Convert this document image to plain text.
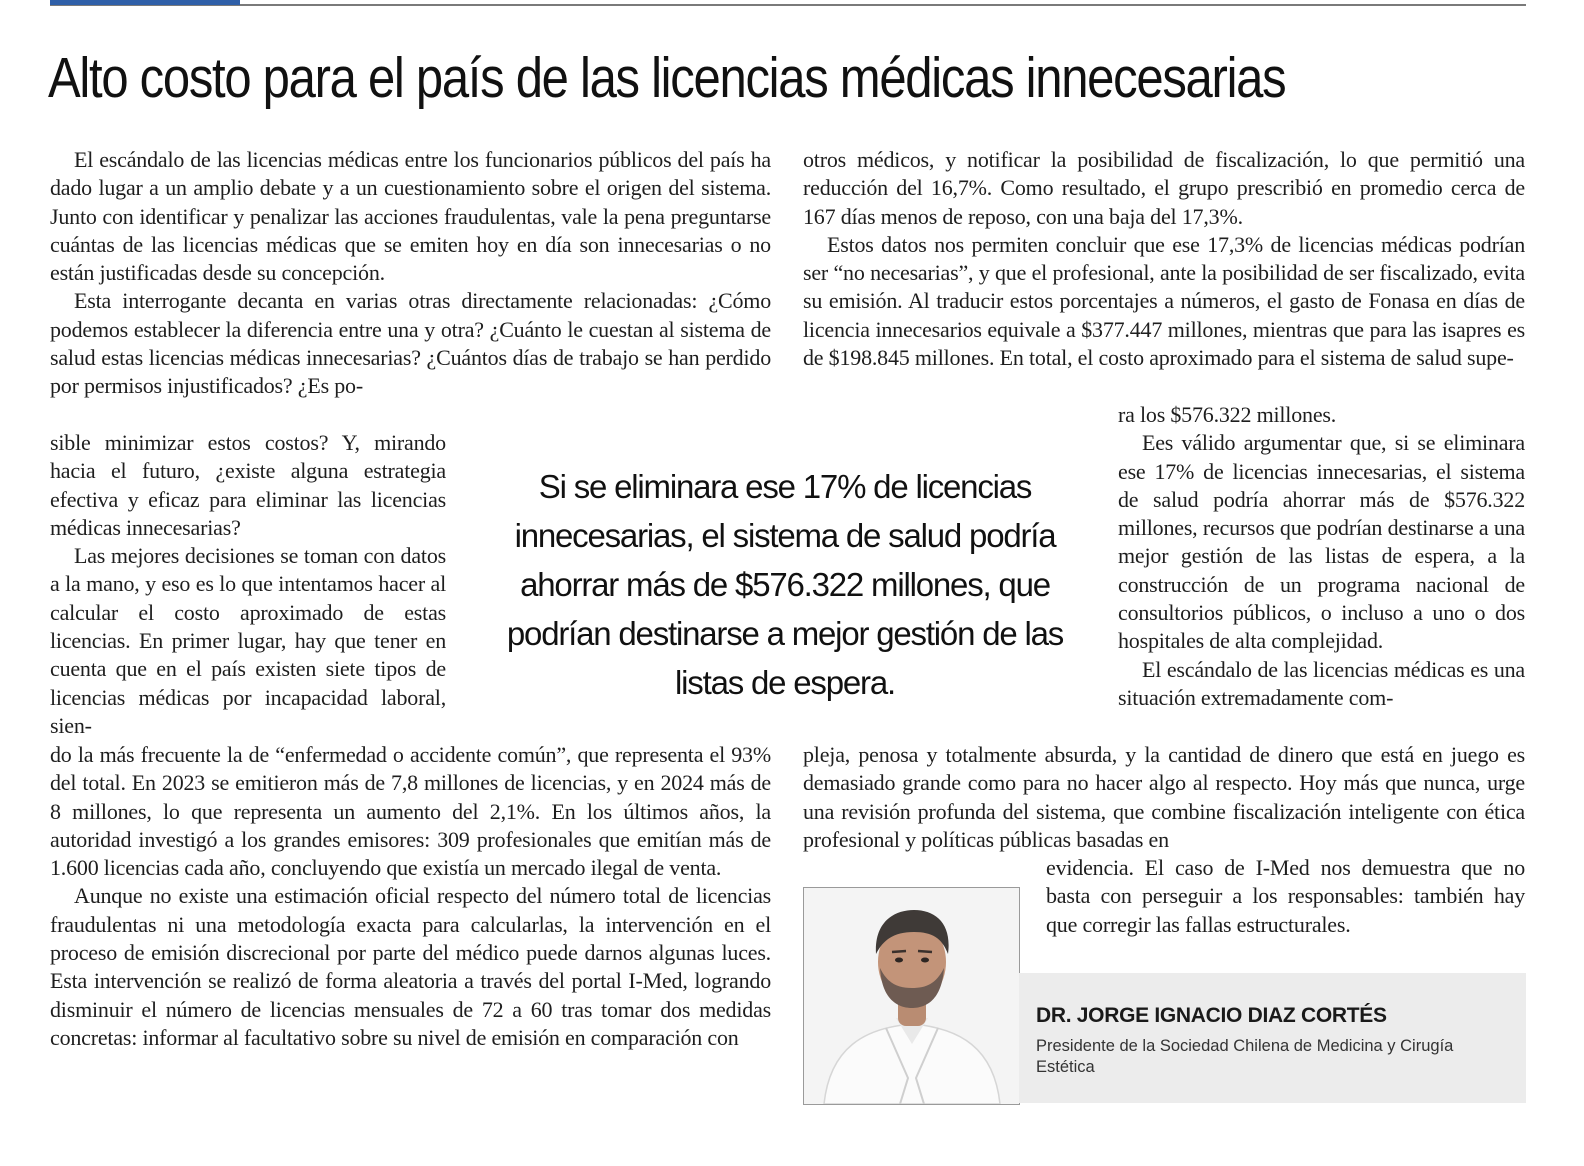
Alto costo para el país de las licencias médicas innecesarias

El escándalo de las licencias médicas entre los funcionarios públicos del país ha dado lugar a un amplio debate y a un cuestionamiento sobre el origen del sistema. Junto con identificar y penalizar las acciones fraudulentas, vale la pena preguntarse cuántas de las licencias médicas que se emiten hoy en día son innecesarias o no están justificadas desde su concepción.

Esta interrogante decanta en varias otras directamente relacionadas: ¿Cómo podemos establecer la diferencia entre una y otra? ¿Cuánto le cuestan al sistema de salud estas licencias médicas innecesarias? ¿Cuántos días de trabajo se han perdido por permisos injustificados? ¿Es po-

sible minimizar estos costos? Y, mirando hacia el futuro, ¿existe alguna estrategia efectiva y eficaz para eliminar las licencias médicas innecesarias?

Las mejores decisiones se toman con datos a la mano, y eso es lo que intentamos hacer al calcular el costo aproximado de estas licencias. En primer lugar, hay que tener en cuenta que en el país existen siete tipos de licencias médicas por incapacidad laboral, sien-

do la más frecuente la de “enfermedad o accidente común”, que representa el 93% del total. En 2023 se emitieron más de 7,8 millones de licencias, y en 2024 más de 8 millones, lo que representa un aumento del 2,1%. En los últimos años, la autoridad investigó a los grandes emisores: 309 profesionales que emitían más de 1.600 licencias cada año, concluyendo que existía un mercado ilegal de venta.

Aunque no existe una estimación oficial respecto del número total de licencias fraudulentas ni una metodología exacta para calcularlas, la intervención en el proceso de emisión discrecional por parte del médico puede darnos algunas luces. Esta intervención se realizó de forma aleatoria a través del portal I-Med, logrando disminuir el número de licencias mensuales de 72 a 60 tras tomar dos medidas concretas: informar al facultativo sobre su nivel de emisión en comparación con

otros médicos, y notificar la posibilidad de fiscalización, lo que permitió una reducción del 16,7%. Como resultado, el grupo prescribió en promedio cerca de 167 días menos de reposo, con una baja del 17,3%.

Estos datos nos permiten concluir que ese 17,3% de licencias médicas podrían ser “no necesarias”, y que el profesional, ante la posibilidad de ser fiscalizado, evita su emisión. Al traducir estos porcentajes a números, el gasto de Fonasa en días de licencia innecesarios equivale a $377.447 millones, mientras que para las isapres es de $198.845 millones. En total, el costo aproximado para el sistema de salud supe-

ra los $576.322 millones.

Ees válido argumentar que, si se eliminara ese 17% de licencias innecesarias, el sistema de salud podría ahorrar más de $576.322 millones, recursos que podrían destinarse a una mejor gestión de las listas de espera, a la construcción de un programa nacional de consultorios públicos, o incluso a uno o dos hospitales de alta complejidad.

El escándalo de las licencias médicas es una situación extremadamente com-

pleja, penosa y totalmente absurda, y la cantidad de dinero que está en juego es demasiado grande como para no hacer algo al respecto. Hoy más que nunca, urge una revisión profunda del sistema, que combine fiscalización inteligente con ética profesional y políticas públicas basadas en

evidencia. El caso de I-Med nos demuestra que no basta con perseguir a los responsables: también hay que corregir las fallas estructurales.

Si se eliminara ese 17% de licencias innecesarias, el sistema de salud podría ahorrar más de $576.322 millones, que podrían destinarse a mejor gestión de las listas de espera.

DR. JORGE IGNACIO DIAZ CORTÉS

Presidente de la Sociedad Chilena de Medicina y Cirugía Estética
